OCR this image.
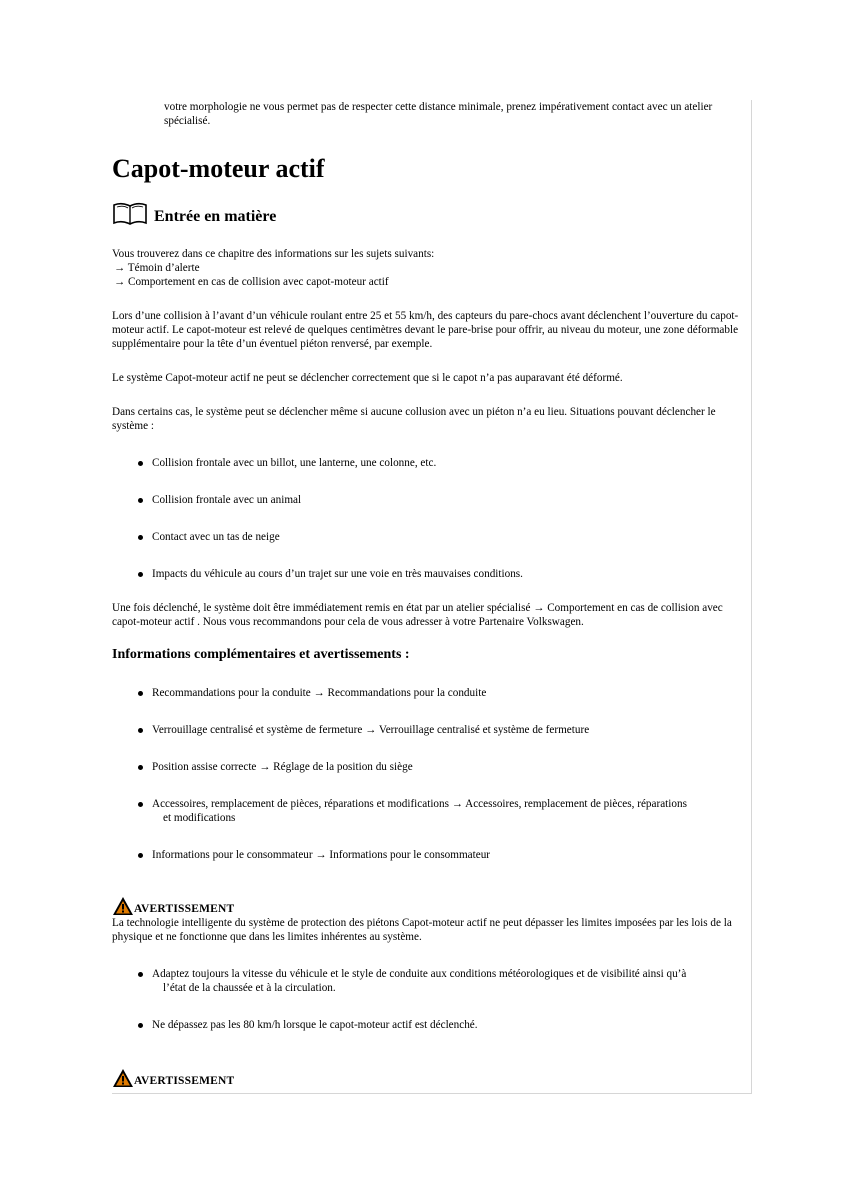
votre morphologie ne vous permet pas de respecter cette distance minimale, prenez impérativement contact avec un atelier spécialisé.

Capot-moteur actif
Entrée en matière

Vous trouverez dans ce chapitre des informations sur les sujets suivants:

→ Témoin d’alerte

→ Comportement en cas de collision avec capot-moteur actif

Lors d’une collision à l’avant d’un véhicule roulant entre 25 et 55 km/h, des capteurs du pare-chocs avant déclenchent l’ouverture du capot-moteur actif. Le capot-moteur est relevé de quelques centimètres devant le pare-brise pour offrir, au niveau du moteur, une zone déformable supplémentaire pour la tête d’un éventuel piéton renversé, par exemple.

Le système Capot-moteur actif ne peut se déclencher correctement que si le capot n’a pas auparavant été déformé.

Dans certains cas, le système peut se déclencher même si aucune collusion avec un piéton n’a eu lieu. Situations pouvant déclencher le système :

Collision frontale avec un billot, une lanterne, une colonne, etc.
Collision frontale avec un animal
Contact avec un tas de neige
Impacts du véhicule au cours d’un trajet sur une voie en très mauvaises conditions.

Une fois déclenché, le système doit être immédiatement remis en état par un atelier spécialisé → Comportement en cas de collision avec capot-moteur actif . Nous vous recommandons pour cela de vous adresser à votre Partenaire Volkswagen.

Informations complémentaires et avertissements :
Recommandations pour la conduite → Recommandations pour la conduite
Verrouillage centralisé et système de fermeture → Verrouillage centralisé et système de fermeture
Position assise correcte → Réglage de la position du siège
Accessoires, remplacement de pièces, réparations et modifications → Accessoires, remplacement de pièces, réparations
et modifications
Informations pour le consommateur → Informations pour le consommateur
AVERTISSEMENT

La technologie intelligente du système de protection des piétons Capot-moteur actif ne peut dépasser les limites imposées par les lois de la physique et ne fonctionne que dans les limites inhérentes au système.

Adaptez toujours la vitesse du véhicule et le style de conduite aux conditions météorologiques et de visibilité ainsi qu’à
l’état de la chaussée et à la circulation.
Ne dépassez pas les 80 km/h lorsque le capot-moteur actif est déclenché.
AVERTISSEMENT
